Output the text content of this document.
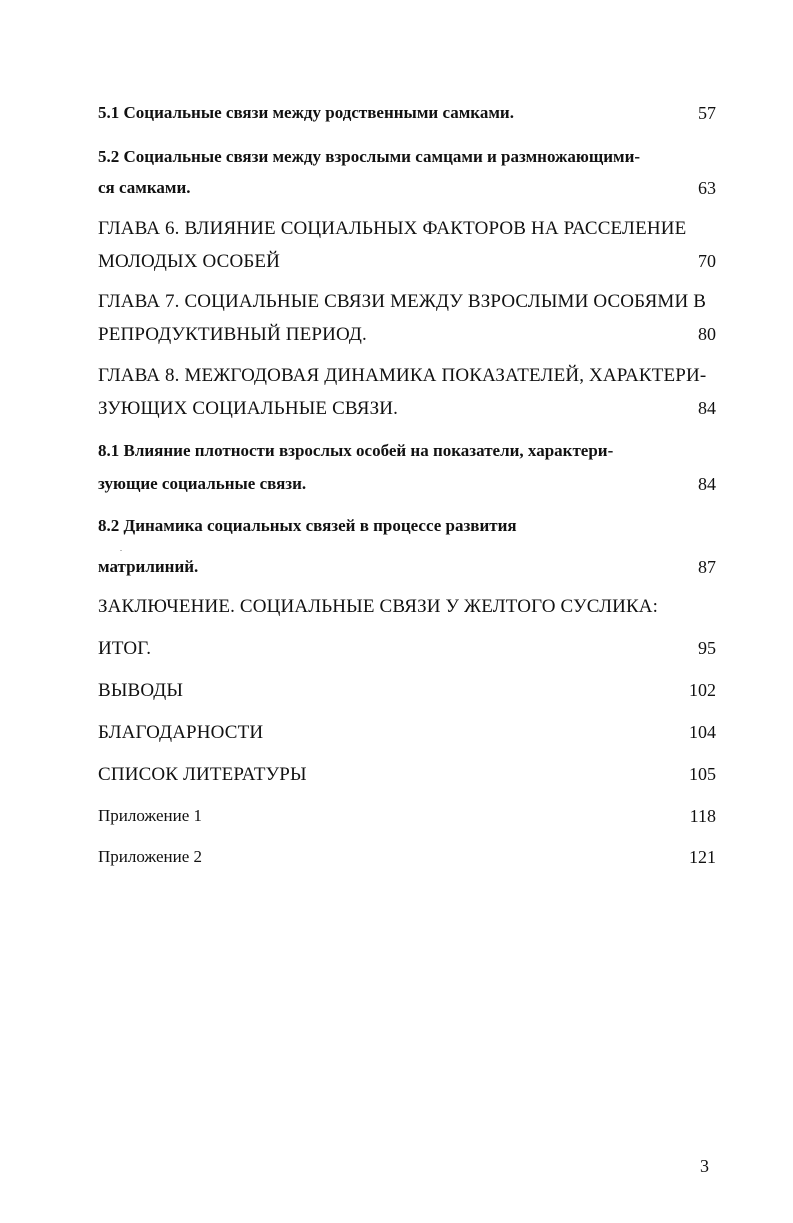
5.1 Социальные связи между родственными самками.	57
5.2 Социальные связи между взрослыми самцами и размножающими-
ся самками.	63
ГЛАВА 6. ВЛИЯНИЕ СОЦИАЛЬНЫХ ФАКТОРОВ НА РАССЕЛЕНИЕ
МОЛОДЫХ ОСОБЕЙ	70
ГЛАВА 7. СОЦИАЛЬНЫЕ СВЯЗИ МЕЖДУ ВЗРОСЛЫМИ ОСОБЯМИ В
РЕПРОДУКТИВНЫЙ ПЕРИОД.	80
ГЛАВА 8. МЕЖГОДОВАЯ ДИНАМИКА ПОКАЗАТЕЛЕЙ, ХАРАКТЕРИ-
ЗУЮЩИХ СОЦИАЛЬНЫЕ СВЯЗИ.	84
8.1 Влияние плотности взрослых особей на показатели, характери-
зующие социальные связи.	84
8.2 Динамика социальных связей в процессе развития
матрилиний.	87
ЗАКЛЮЧЕНИЕ. СОЦИАЛЬНЫЕ СВЯЗИ У ЖЕЛТОГО СУСЛИКА:
ИТОГ.	95
ВЫВОДЫ	102
БЛАГОДАРНОСТИ	104
СПИСОК ЛИТЕРАТУРЫ	105
Приложение 1	118
Приложение 2	121
3
